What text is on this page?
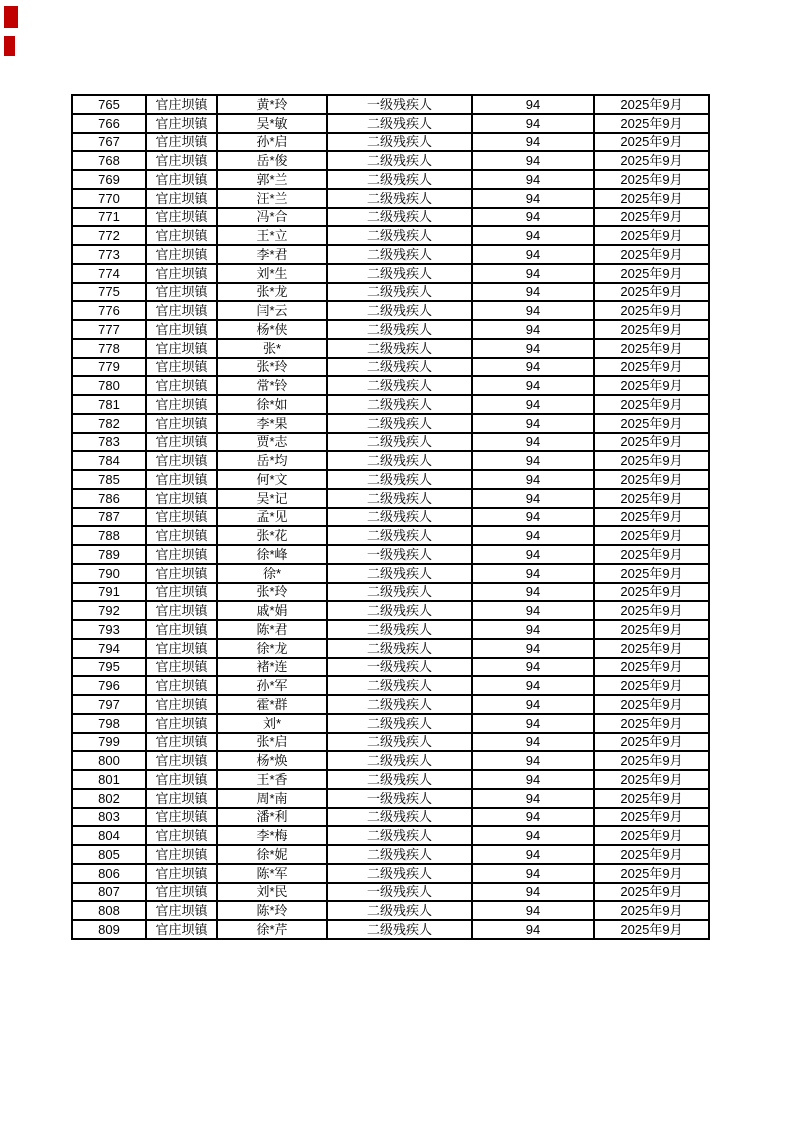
765	官庄坝镇	黄*玲	一级残疾人	94	2025年9月
766	官庄坝镇	吴*敏	二级残疾人	94	2025年9月
767	官庄坝镇	孙*启	二级残疾人	94	2025年9月
768	官庄坝镇	岳*俊	二级残疾人	94	2025年9月
769	官庄坝镇	郭*兰	二级残疾人	94	2025年9月
770	官庄坝镇	汪*兰	二级残疾人	94	2025年9月
771	官庄坝镇	冯*合	二级残疾人	94	2025年9月
772	官庄坝镇	王*立	二级残疾人	94	2025年9月
773	官庄坝镇	李*君	二级残疾人	94	2025年9月
774	官庄坝镇	刘*生	二级残疾人	94	2025年9月
775	官庄坝镇	张*龙	二级残疾人	94	2025年9月
776	官庄坝镇	闫*云	二级残疾人	94	2025年9月
777	官庄坝镇	杨*侠	二级残疾人	94	2025年9月
778	官庄坝镇	张*	二级残疾人	94	2025年9月
779	官庄坝镇	张*玲	二级残疾人	94	2025年9月
780	官庄坝镇	常*铃	二级残疾人	94	2025年9月
781	官庄坝镇	徐*如	二级残疾人	94	2025年9月
782	官庄坝镇	李*果	二级残疾人	94	2025年9月
783	官庄坝镇	贾*志	二级残疾人	94	2025年9月
784	官庄坝镇	岳*均	二级残疾人	94	2025年9月
785	官庄坝镇	何*文	二级残疾人	94	2025年9月
786	官庄坝镇	吴*记	二级残疾人	94	2025年9月
787	官庄坝镇	孟*见	二级残疾人	94	2025年9月
788	官庄坝镇	张*花	二级残疾人	94	2025年9月
789	官庄坝镇	徐*峰	一级残疾人	94	2025年9月
790	官庄坝镇	徐*	二级残疾人	94	2025年9月
791	官庄坝镇	张*玲	二级残疾人	94	2025年9月
792	官庄坝镇	戚*娟	二级残疾人	94	2025年9月
793	官庄坝镇	陈*君	二级残疾人	94	2025年9月
794	官庄坝镇	徐*龙	二级残疾人	94	2025年9月
795	官庄坝镇	褚*连	一级残疾人	94	2025年9月
796	官庄坝镇	孙*军	二级残疾人	94	2025年9月
797	官庄坝镇	霍*群	二级残疾人	94	2025年9月
798	官庄坝镇	刘*	二级残疾人	94	2025年9月
799	官庄坝镇	张*启	二级残疾人	94	2025年9月
800	官庄坝镇	杨*焕	二级残疾人	94	2025年9月
801	官庄坝镇	王*香	二级残疾人	94	2025年9月
802	官庄坝镇	周*南	一级残疾人	94	2025年9月
803	官庄坝镇	潘*利	二级残疾人	94	2025年9月
804	官庄坝镇	李*梅	二级残疾人	94	2025年9月
805	官庄坝镇	徐*妮	二级残疾人	94	2025年9月
806	官庄坝镇	陈*军	二级残疾人	94	2025年9月
807	官庄坝镇	刘*民	一级残疾人	94	2025年9月
808	官庄坝镇	陈*玲	二级残疾人	94	2025年9月
809	官庄坝镇	徐*芹	二级残疾人	94	2025年9月
